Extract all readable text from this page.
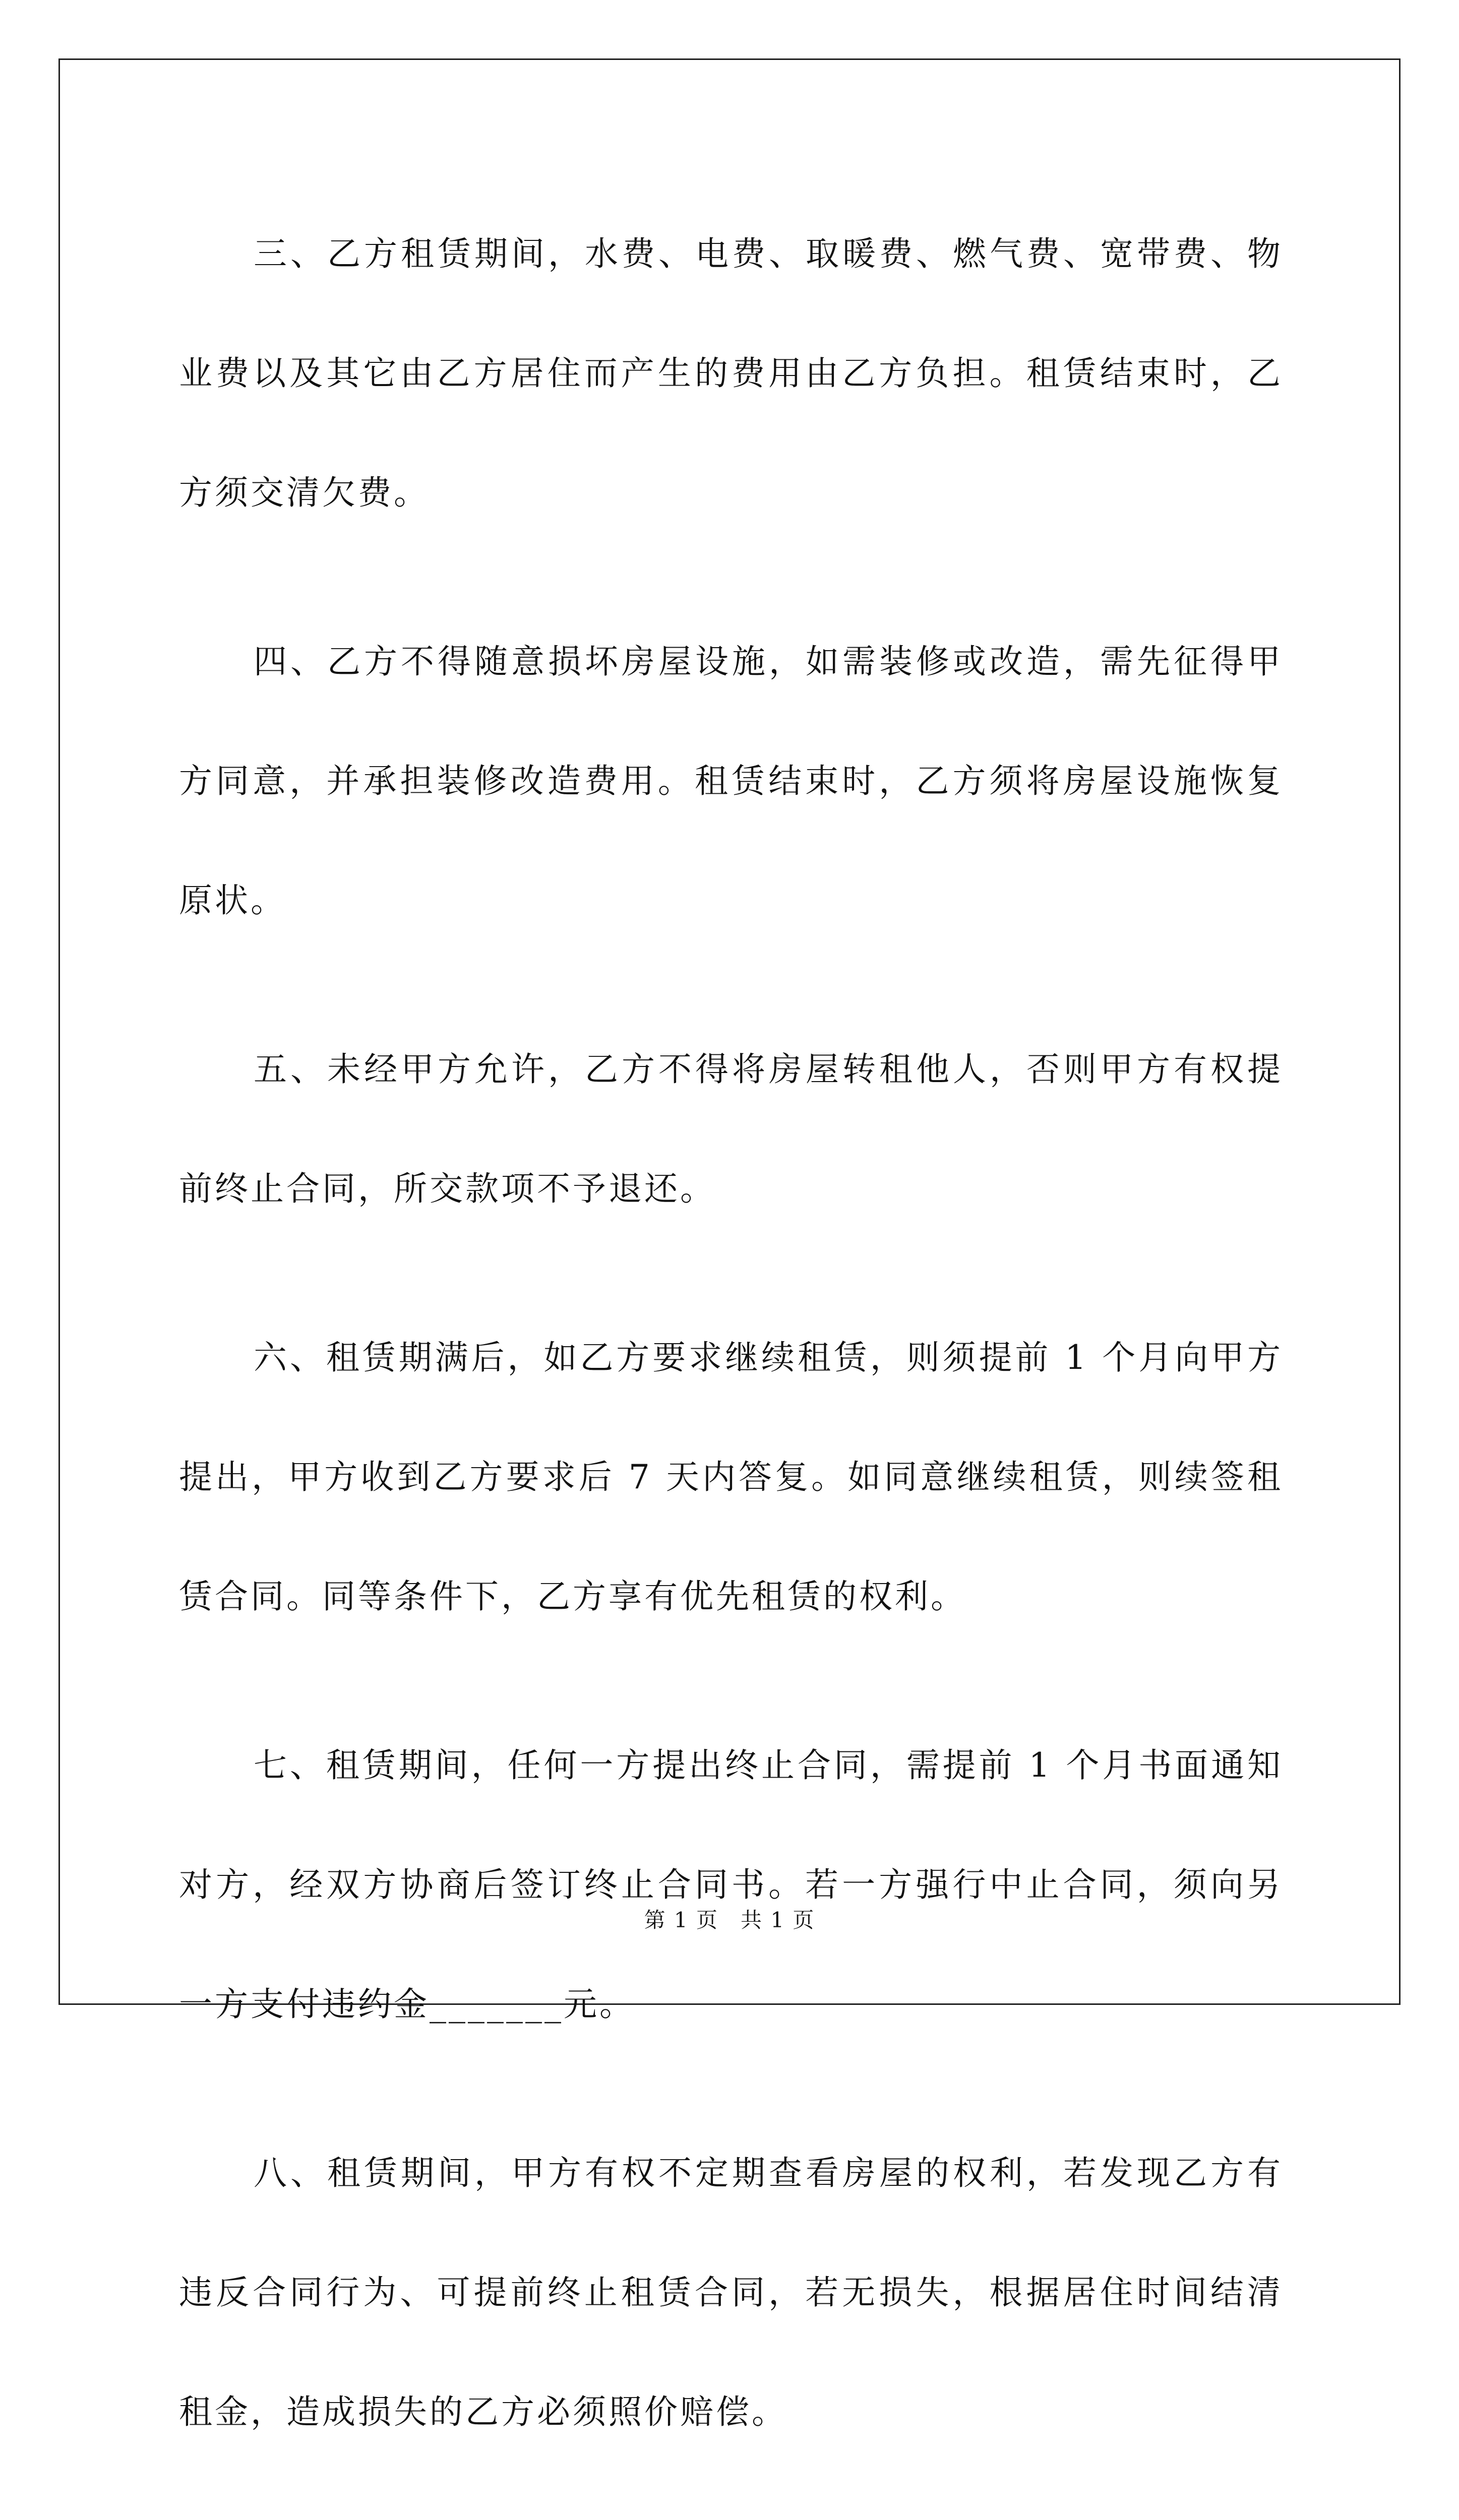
三、乙方租赁期间，水费、电费、取暖费、燃气费、宽带费、物业费以及其它由乙方居住而产生的费用由乙方负担。租赁结束时，乙方须交清欠费。

四、乙方不得随意损坏房屋设施，如需装修或改造，需先征得甲方同意，并承担装修改造费用。租赁结束时，乙方须将房屋设施恢复原状。

五、未经甲方允许，乙方不得将房屋转租他人，否则甲方有权提前终止合同，所交款项不予退还。

六、租赁期满后，如乙方要求继续租赁，则须提前 1 个月向甲方提出，甲方收到乙方要求后 7 天内答复。如同意继续租赁，则续签租赁合同。同等条件下，乙方享有优先租赁的权利。

七、租赁期间，任何一方提出终止合同，需提前 1 个月书面通知对方，经双方协商后签订终止合同书。若一方强行中止合同，须向另一方支付违约金_______元。

八、租赁期间，甲方有权不定期查看房屋的权利，若发现乙方有违反合同行为、可提前终止租赁合同，若无损失，根据居住时间结清租金，造成损失的乙方必须照价赔偿。

第 1 页　共 1 页
